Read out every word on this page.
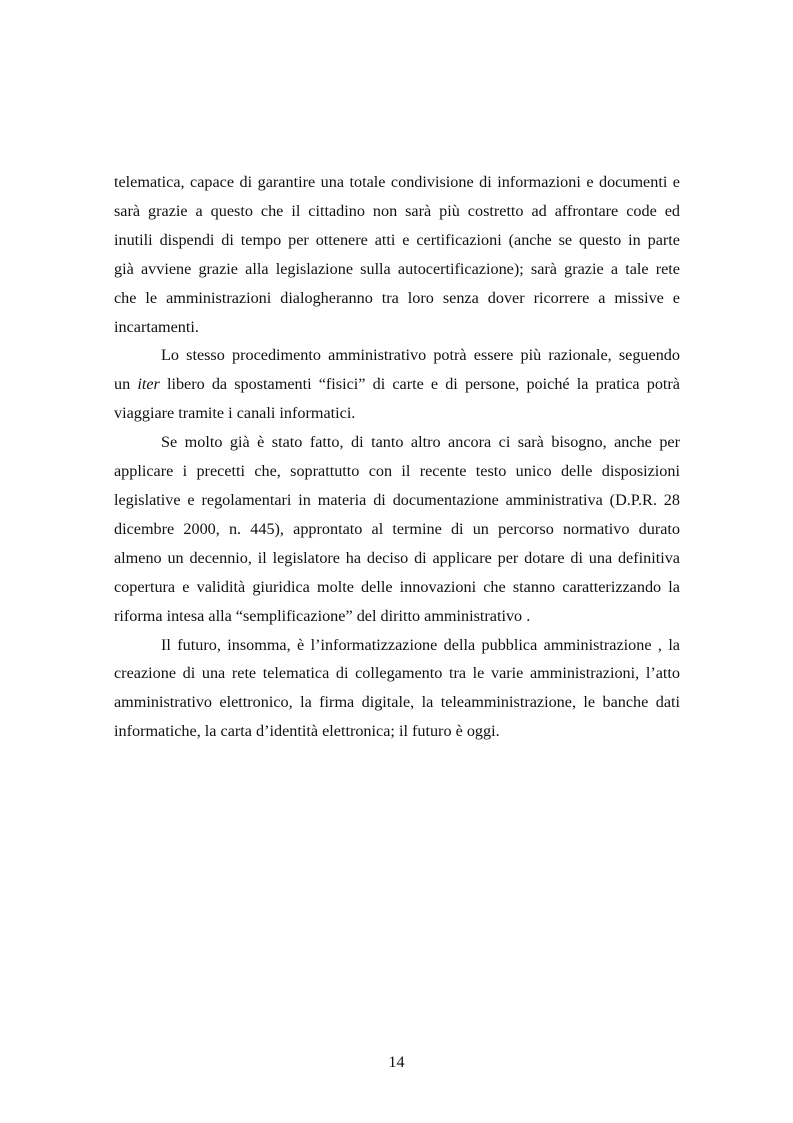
telematica, capace di garantire una totale condivisione di informazioni e documenti e
sarà grazie a questo che il cittadino non sarà più costretto ad affrontare code ed
inutili dispendi di tempo per ottenere atti e certificazioni (anche se questo in parte
già avviene grazie alla legislazione sulla autocertificazione); sarà grazie a tale rete
che le amministrazioni dialogheranno tra loro senza dover ricorrere a missive e
incartamenti.

Lo stesso procedimento amministrativo potrà essere più razionale, seguendo
un iter libero da spostamenti “fisici” di carte e di persone, poiché la pratica potrà
viaggiare tramite i canali informatici.

Se molto già è stato fatto, di tanto altro ancora ci sarà bisogno, anche per
applicare i precetti che, soprattutto con il recente testo unico delle disposizioni
legislative e regolamentari in materia di documentazione amministrativa (D.P.R. 28
dicembre 2000, n. 445), approntato al termine di un percorso normativo durato
almeno un decennio, il legislatore ha deciso di applicare per dotare di una definitiva
copertura e validità giuridica molte delle innovazioni che stanno caratterizzando la
riforma intesa alla “semplificazione” del diritto amministrativo .

Il futuro, insomma, è l’informatizzazione della pubblica amministrazione , la
creazione di una rete telematica di collegamento tra le varie amministrazioni, l’atto
amministrativo elettronico, la firma digitale, la teleamministrazione, le banche dati
informatiche, la carta d’identità elettronica; il futuro è oggi.

14
